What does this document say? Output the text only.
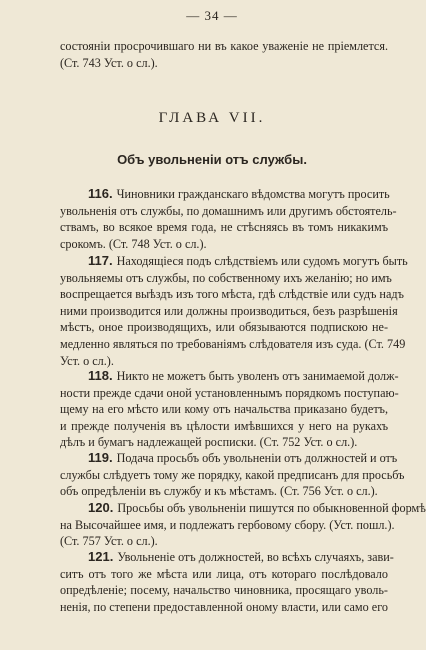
— 34 —
состоянiи просрочившаго ни въ какое уваженiе не прiемлется.
(Ст. 743 Уст. о сл.).
ГЛАВА VII.
Объ увольненiи отъ службы.
116. Чиновники гражданскаго вѣдомства могутъ просить
увольненiя отъ службы, по домашнимъ или другимъ обстоятель-
ствамъ, во всякое время года, не стѣсняясь въ томъ никакимъ
срокомъ. (Ст. 748 Уст. о сл.).
117. Находящiеся подъ слѣдствiемъ или судомъ могутъ быть
увольняемы отъ службы, по собственному ихъ желанiю; но имъ
воспрещается выѣздъ изъ того мѣста, гдѣ слѣдствiе или судъ надъ
ними производится или должны производиться, безъ разрѣшенiя
мѣстъ, оное производящихъ, или обязываются подпискою не-
медленно являться по требованiямъ слѣдователя изъ суда. (Ст. 749
Уст. о сл.).
118. Никто не можетъ быть уволенъ отъ занимаемой долж-
ности прежде сдачи оной установленнымъ порядкомъ поступаю-
щему на его мѣсто или кому отъ начальства приказано будетъ,
и прежде полученiя въ цѣлости имѣвшихся у него на рукахъ
дѣлъ и бумагъ надлежащей росписки. (Ст. 752 Уст. о сл.).
119. Подача просьбъ объ увольненiи отъ должностей и отъ
службы слѣдуетъ тому же порядку, какой предписанъ для просьбъ
объ опредѣленiи въ службу и къ мѣстамъ. (Ст. 756 Уст. о сл.).
120. Просьбы объ увольненiи пишутся по обыкновенной формѣ
на Высочайшее имя, и подлежатъ гербовому сбору. (Уст. пошл.).
(Ст. 757 Уст. о сл.).
121. Увольненiе отъ должностей, во всѣхъ случаяхъ, зави-
ситъ отъ того же мѣста или лица, отъ котораго послѣдовало
опредѣленiе; посему, начальство чиновника, просящаго уволь-
ненiя, по степени предоставленной оному власти, или само его
